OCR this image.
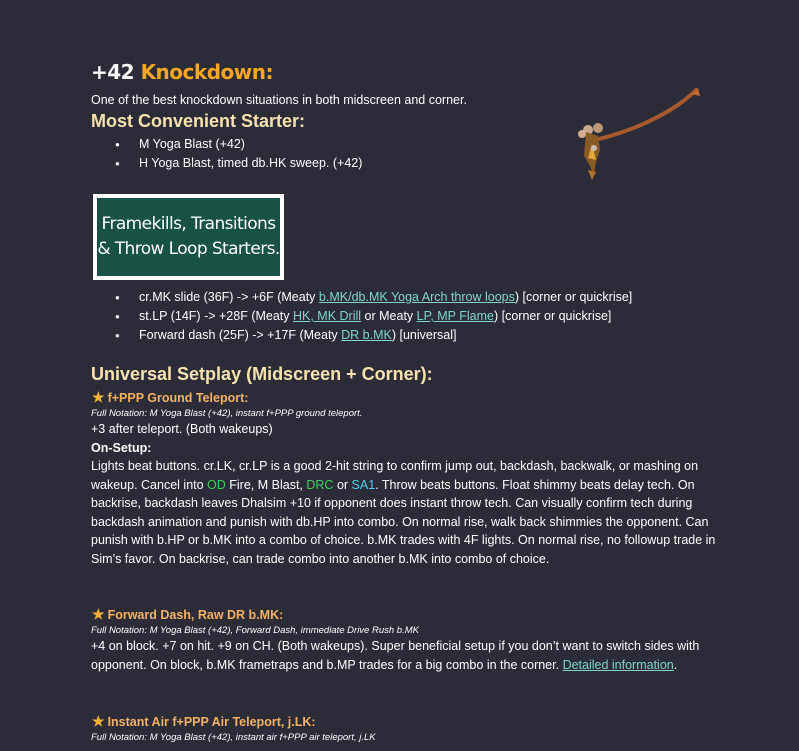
+42 Knockdown:
One of the best knockdown situations in both midscreen and corner.
Most Convenient Starter:
● M Yoga Blast (+42)
● H Yoga Blast, timed db.HK sweep. (+42)
Framekills, Transitions
& Throw Loop Starters.
● cr.MK slide (36F) -> +6F (Meaty b.MK/db.MK Yoga Arch throw loops) [corner or quickrise]
● st.LP (14F) -> +28F (Meaty HK, MK Drill or Meaty LP, MP Flame) [corner or quickrise]
● Forward dash (25F) -> +17F (Meaty DR b.MK) [universal]
Universal Setplay (Midscreen + Corner):
★ f+PPP Ground Teleport:
Full Notation: M Yoga Blast (+42), instant f+PPP ground teleport.
+3 after teleport. (Both wakeups)
On-Setup:
Lights beat buttons. cr.LK, cr.LP is a good 2-hit string to confirm jump out, backdash, backwalk, or mashing on wakeup. Cancel into OD Fire, M Blast, DRC or SA1. Throw beats buttons. Float shimmy beats delay tech. On backrise, backdash leaves Dhalsim +10 if opponent does instant throw tech. Can visually confirm tech during backdash animation and punish with db.HP into combo. On normal rise, walk back shimmies the opponent. Can punish with b.HP or b.MK into a combo of choice. b.MK trades with 4F lights. On normal rise, no followup trade in Sim’s favor. On backrise, can trade combo into another b.MK into combo of choice.
★ Forward Dash, Raw DR b.MK:
Full Notation: M Yoga Blast (+42), Forward Dash, immediate Drive Rush b.MK
+4 on block. +7 on hit. +9 on CH. (Both wakeups). Super beneficial setup if you don’t want to switch sides with opponent. On block, b.MK frametraps and b.MP trades for a big combo in the corner. Detailed information.
★ Instant Air f+PPP Air Teleport, j.LK:
Full Notation: M Yoga Blast (+42), instant air f+PPP air teleport, j.LK
